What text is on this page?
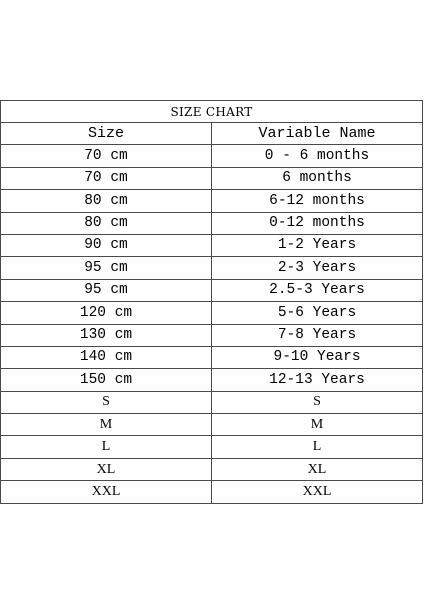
SIZE CHART	
Size	Variable Name
70 cm	0 - 6 months
70 cm	6 months
80 cm	6-12 months
80 cm	0-12 months
90 cm	1-2 Years
95 cm	2-3 Years
95 cm	2.5-3 Years
120 cm	5-6 Years
130 cm	7-8 Years
140 cm	9-10 Years
150 cm	12-13 Years
S	S
M	M
L	L
XL	XL
XXL	XXL
